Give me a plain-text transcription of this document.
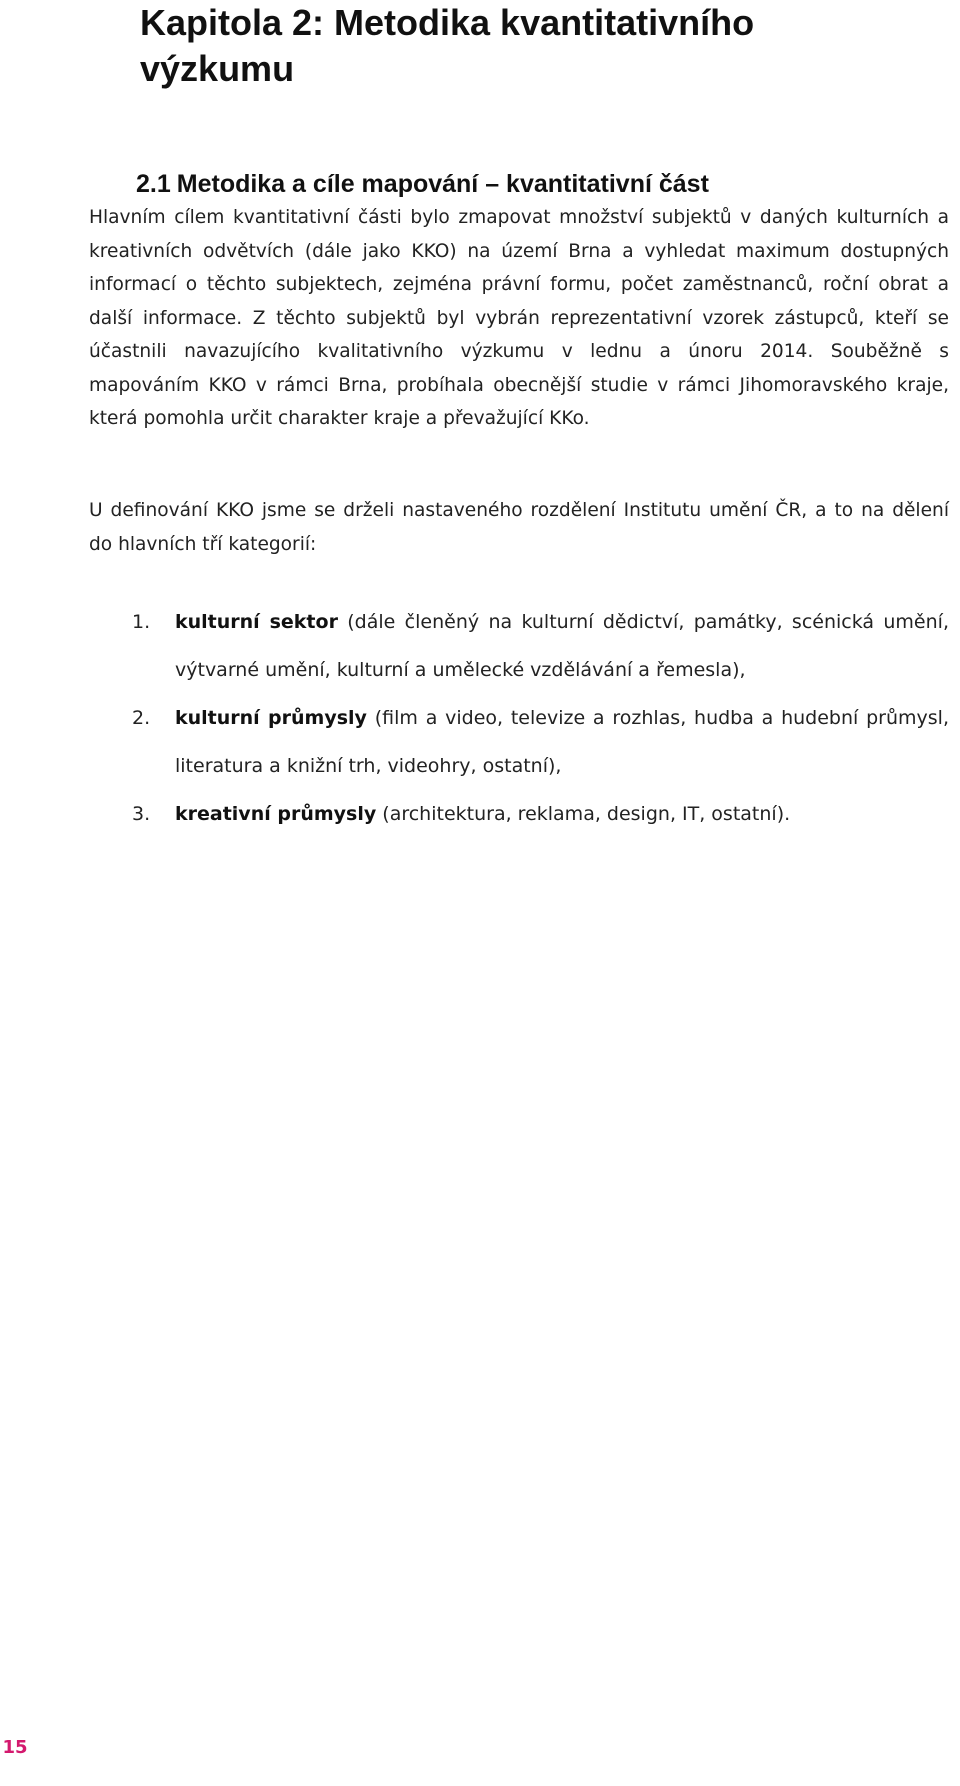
Kapitola 2: Metodika kvantitativního výzkumu
2.1 Metodika a cíle mapování – kvantitativní část

Hlavním cílem kvantitativní části bylo zmapovat množství subjektů v daných kulturních a kreativních odvětvích (dále jako KKO) na území Brna a vyhledat maximum dostupných informací o těchto subjektech, zejména právní formu, počet zaměstnanců, roční obrat a další informace. Z těchto subjektů byl vybrán reprezentativní vzorek zástupců, kteří se účastnili navazujícího kvalitativního výzkumu v lednu a únoru 2014. Souběžně s mapováním KKO v rámci Brna, probíhala obecnější studie v rámci Jihomoravského kraje, která pomohla určit charakter kraje a převažující KKo.

U definování KKO jsme se drželi nastaveného rozdělení Institutu umění ČR, a to na dělení do hlavních tří kategorií:

1. kulturní sektor (dále členěný na kulturní dědictví, památky, scénická umění, výtvarné umění, kulturní a umělecké vzdělávání a řemesla),
2. kulturní průmysly (film a video, televize a rozhlas, hudba a hudební průmysl, literatura a knižní trh, videohry, ostatní),
3. kreativní průmysly (architektura, reklama, design, IT, ostatní).
15
